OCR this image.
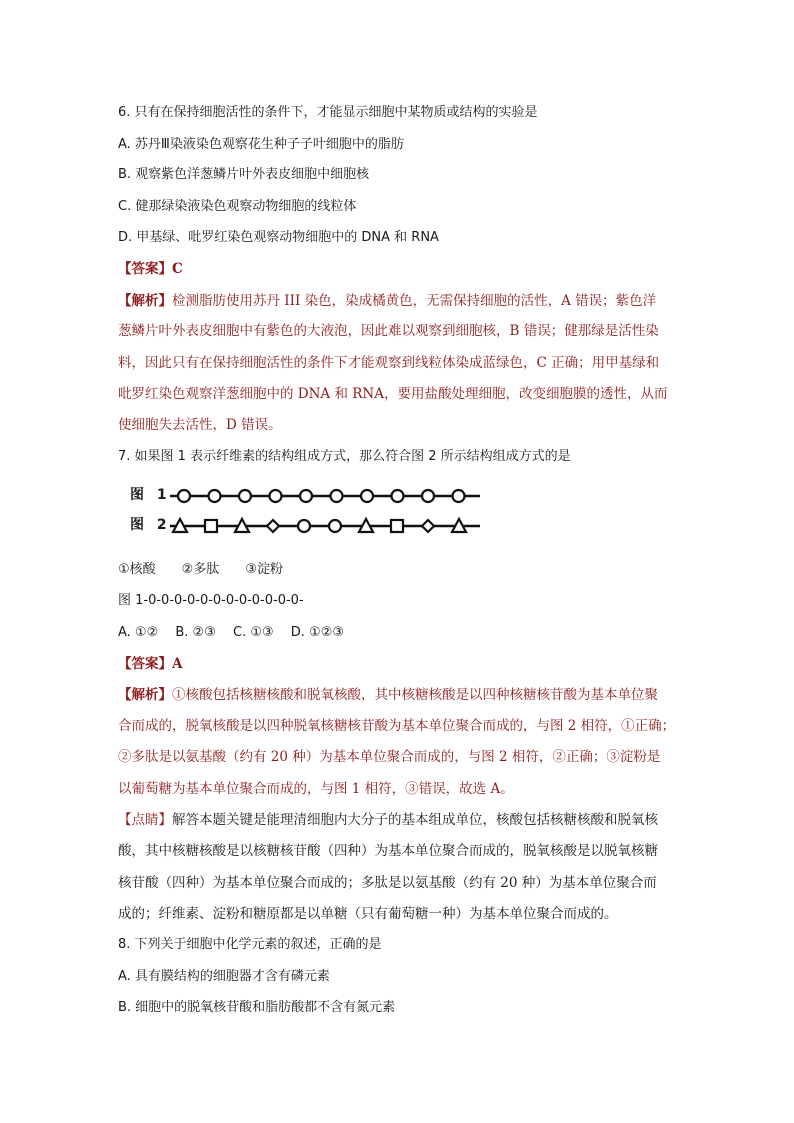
6. 只有在保持细胞活性的条件下，才能显示细胞中某物质或结构的实验是
A. 苏丹Ⅲ染液染色观察花生种子子叶细胞中的脂肪
B. 观察紫色洋葱鳞片叶外表皮细胞中细胞核
C. 健那绿染液染色观察动物细胞的线粒体
D. 甲基绿、吡罗红染色观察动物细胞中的 DNA 和 RNA
【答案】C
【解析】检测脂肪使用苏丹 III 染色，染成橘黄色，无需保持细胞的活性，A 错误；紫色洋
葱鳞片叶外表皮细胞中有紫色的大液泡，因此难以观察到细胞核，B 错误；健那绿是活性染
料，因此只有在保持细胞活性的条件下才能观察到线粒体染成蓝绿色，C 正确；用甲基绿和
吡罗红染色观察洋葱细胞中的 DNA 和 RNA，要用盐酸处理细胞，改变细胞膜的透性，从而
使细胞失去活性，D 错误。
7. 如果图 1 表示纤维素的结构组成方式，那么符合图 2 所示结构组成方式的是
图 1
图 2
①核酸　　②多肽　　③淀粉
图 1-0-0-0-0-0-0-0-0-0-0-0-0-
A. ①②　 B. ②③　 C. ①③　 D. ①②③
【答案】A
【解析】①核酸包括核糖核酸和脱氧核酸，其中核糖核酸是以四种核糖核苷酸为基本单位聚
合而成的，脱氧核酸是以四种脱氧核糖核苷酸为基本单位聚合而成的，与图 2 相符，①正确；
②多肽是以氨基酸（约有 20 种）为基本单位聚合而成的，与图 2 相符，②正确；③淀粉是
以葡萄糖为基本单位聚合而成的，与图 1 相符，③错误，故选 A。
【点睛】解答本题关键是能理清细胞内大分子的基本组成单位，核酸包括核糖核酸和脱氧核
酸，其中核糖核酸是以核糖核苷酸（四种）为基本单位聚合而成的，脱氧核酸是以脱氧核糖
核苷酸（四种）为基本单位聚合而成的；多肽是以氨基酸（约有 20 种）为基本单位聚合而
成的；纤维素、淀粉和糖原都是以单糖（只有葡萄糖一种）为基本单位聚合而成的。
8. 下列关于细胞中化学元素的叙述，正确的是
A. 具有膜结构的细胞器才含有磷元素
B. 细胞中的脱氧核苷酸和脂肪酸都不含有氮元素
